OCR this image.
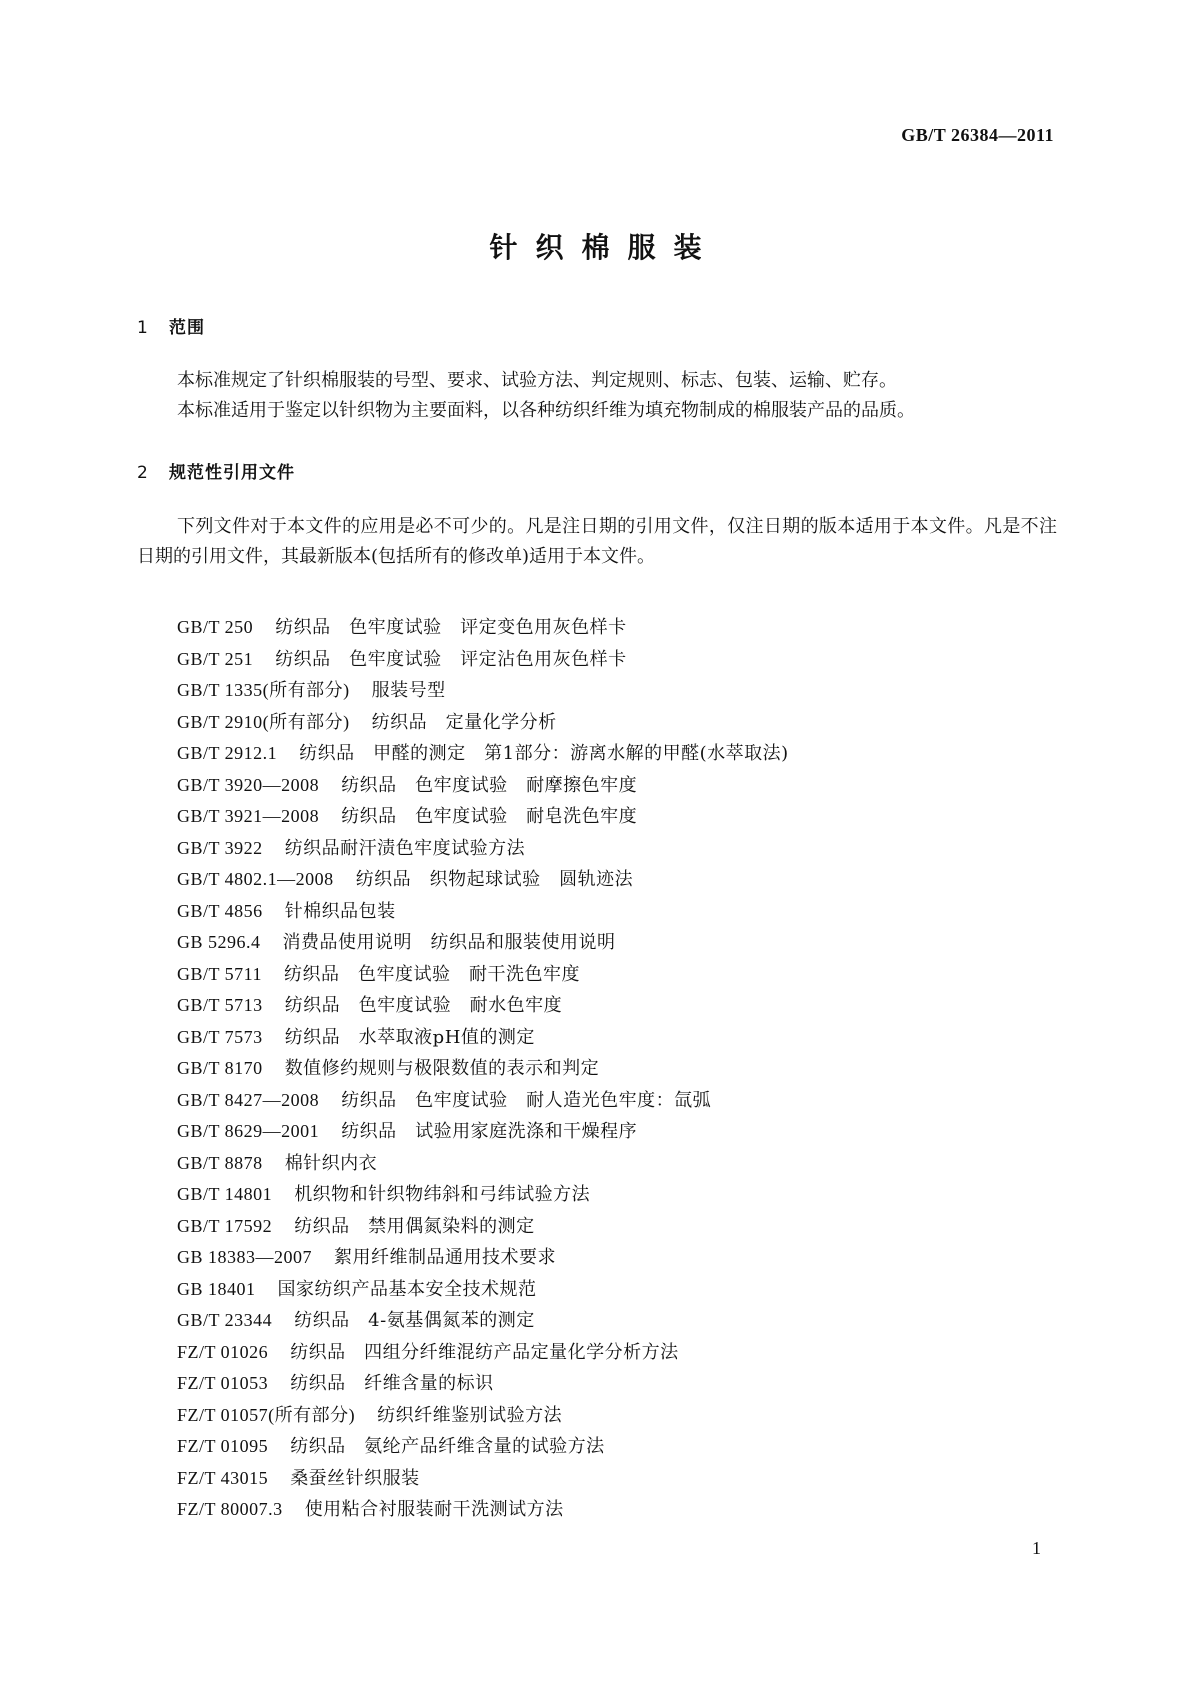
GB/T 26384—2011
针织棉服装
1 范围
本标准规定了针织棉服装的号型、要求、试验方法、判定规则、标志、包装、运输、贮存。
本标准适用于鉴定以针织物为主要面料，以各种纺织纤维为填充物制成的棉服装产品的品质。
2 规范性引用文件
下列文件对于本文件的应用是必不可少的。凡是注日期的引用文件，仅注日期的版本适用于本文件。凡是不注日期的引用文件，其最新版本(包括所有的修改单)适用于本文件。
GB/T 250 纺织品　色牢度试验　评定变色用灰色样卡
GB/T 251 纺织品　色牢度试验　评定沾色用灰色样卡
GB/T 1335(所有部分) 服装号型
GB/T 2910(所有部分) 纺织品　定量化学分析
GB/T 2912.1 纺织品　甲醛的测定　第1部分：游离水解的甲醛(水萃取法)
GB/T 3920—2008 纺织品　色牢度试验　耐摩擦色牢度
GB/T 3921—2008 纺织品　色牢度试验　耐皂洗色牢度
GB/T 3922 纺织品耐汗渍色牢度试验方法
GB/T 4802.1—2008 纺织品　织物起球试验　圆轨迹法
GB/T 4856 针棉织品包装
GB 5296.4 消费品使用说明　纺织品和服装使用说明
GB/T 5711 纺织品　色牢度试验　耐干洗色牢度
GB/T 5713 纺织品　色牢度试验　耐水色牢度
GB/T 7573 纺织品　水萃取液pH值的测定
GB/T 8170 数值修约规则与极限数值的表示和判定
GB/T 8427—2008 纺织品　色牢度试验　耐人造光色牢度：氙弧
GB/T 8629—2001 纺织品　试验用家庭洗涤和干燥程序
GB/T 8878 棉针织内衣
GB/T 14801 机织物和针织物纬斜和弓纬试验方法
GB/T 17592 纺织品　禁用偶氮染料的测定
GB 18383—2007 絮用纤维制品通用技术要求
GB 18401 国家纺织产品基本安全技术规范
GB/T 23344 纺织品　4-氨基偶氮苯的测定
FZ/T 01026 纺织品　四组分纤维混纺产品定量化学分析方法
FZ/T 01053 纺织品　纤维含量的标识
FZ/T 01057(所有部分) 纺织纤维鉴别试验方法
FZ/T 01095 纺织品　氨纶产品纤维含量的试验方法
FZ/T 43015 桑蚕丝针织服装
FZ/T 80007.3 使用粘合衬服装耐干洗测试方法
1
